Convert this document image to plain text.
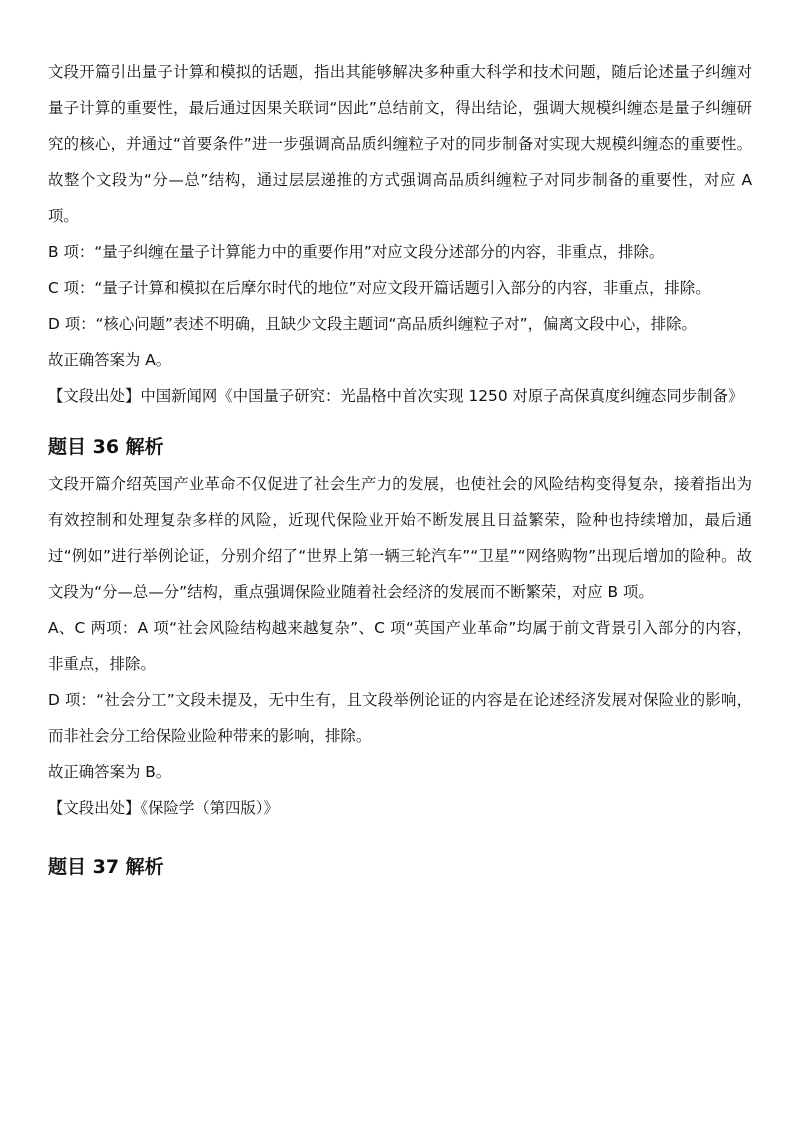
文段开篇引出量子计算和模拟的话题，指出其能够解决多种重大科学和技术问题，随后论述量子纠缠对量子计算的重要性，最后通过因果关联词“因此”总结前文，得出结论，强调大规模纠缠态是量子纠缠研究的核心，并通过“首要条件”进一步强调高品质纠缠粒子对的同步制备对实现大规模纠缠态的重要性。故整个文段为“分—总”结构，通过层层递推的方式强调高品质纠缠粒子对同步制备的重要性，对应 A 项。

B 项：“量子纠缠在量子计算能力中的重要作用”对应文段分述部分的内容，非重点，排除。

C 项：“量子计算和模拟在后摩尔时代的地位”对应文段开篇话题引入部分的内容，非重点，排除。

D 项：“核心问题”表述不明确，且缺少文段主题词“高品质纠缠粒子对”，偏离文段中心，排除。

故正确答案为 A。

【文段出处】中国新闻网《中国量子研究：光晶格中首次实现 1250 对原子高保真度纠缠态同步制备》

题目 36 解析

文段开篇介绍英国产业革命不仅促进了社会生产力的发展，也使社会的风险结构变得复杂，接着指出为有效控制和处理复杂多样的风险，近现代保险业开始不断发展且日益繁荣，险种也持续增加，最后通过“例如”进行举例论证，分别介绍了“世界上第一辆三轮汽车”“卫星”“网络购物”出现后增加的险种。故文段为“分—总—分”结构，重点强调保险业随着社会经济的发展而不断繁荣，对应 B 项。

A、C 两项：A 项“社会风险结构越来越复杂”、C 项“英国产业革命”均属于前文背景引入部分的内容，非重点，排除。

D 项：“社会分工”文段未提及，无中生有，且文段举例论证的内容是在论述经济发展对保险业的影响，而非社会分工给保险业险种带来的影响，排除。

故正确答案为 B。

【文段出处】《保险学（第四版）》

题目 37 解析
